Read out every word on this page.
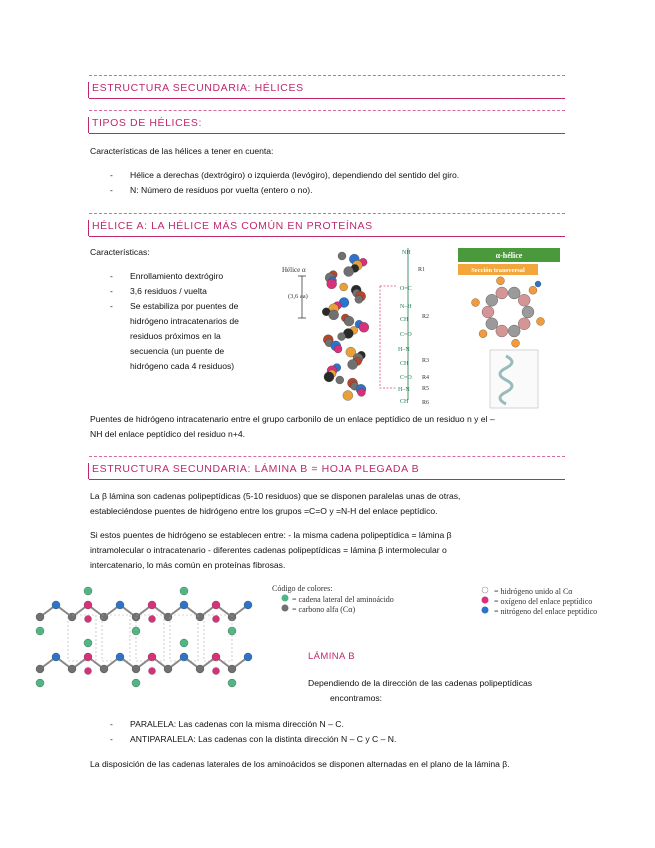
ESTRUCTURA SECUNDARIA: HÉLICES
TIPOS DE HÉLICES:
Características de las hélices a tener en cuenta:
- Hélice a derechas (dextrógiro) o izquierda (levógiro), dependiendo del sentido del giro.
- N: Número de residuos por vuelta (entero o no).
HÉLICE A: LA HÉLICE MÁS COMÚN EN PROTEÍNAS
Características:
- Enrollamiento dextrógiro
- 3,6 residuos / vuelta
- Se estabiliza por puentes de
hidrógeno intracatenarios de
residuos próximos en la
secuencia (un puente de
hidrógeno cada 4 residuos)
Hélice α
(3,6 aa)
NH
O=C
R1
N–H
CH R2
C=O
H–N
CH R3
C=O R4
H–N R5
CH R6
α-hélice
Sección transversal
Puentes de hidrógeno intracatenario entre el grupo carbonilo de un enlace peptídico de un residuo n y el –
NH del enlace peptídico del residuo n+4.
ESTRUCTURA SECUNDARIA: LÁMINA B = HOJA PLEGADA B
La β lámina son cadenas polipeptídicas (5-10 residuos) que se disponen paralelas unas de otras,
estableciéndose puentes de hidrógeno entre los grupos =C=O y =N-H del enlace peptídico.
Si estos puentes de hidrógeno se establecen entre: - la misma cadena polipeptídica = lámina β
intramolecular o intracatenario - diferentes cadenas polipeptídicas = lámina β intermolecular o
intercatenario, lo más común en proteínas fibrosas.
Código de colores:
= cadena lateral del aminoácido
= carbono alfa (Cα)
= hidrógeno unido al Cα
= oxígeno del enlace peptídico
= nitrógeno del enlace peptídico
LÁMINA B
Dependiendo de la dirección de las cadenas polipeptídicas
encontramos:
- PARALELA: Las cadenas con la misma dirección N – C.
- ANTIPARALELA: Las cadenas con la distinta dirección N – C y C – N.
La disposición de las cadenas laterales de los aminoácidos se disponen alternadas en el plano de la lámina β.
